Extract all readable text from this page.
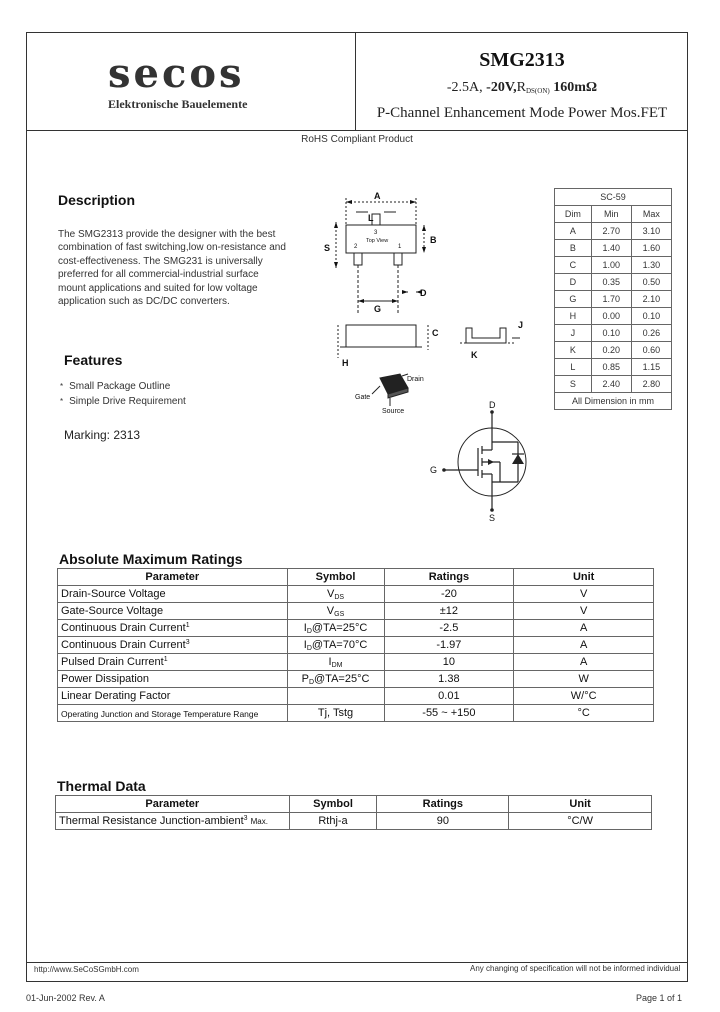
secos
Elektronische Bauelemente
SMG2313
-2.5A, $-20V,R_{DS(ON)}$ 160mΩ
P-Channel Enhancement Mode Power Mos.FET
RoHS Compliant Product
Description
The SMG2313 provide the designer with the best
combination of fast switching,low on-resistance and
cost-effectiveness. The SMG231 is universally
preferred for all commercial-industrial surface
mount applications and suited for low voltage
application such as DC/DC converters.
Features
* Small Package Outline
* Simple Drive Requirement
Marking: 2313
A
L
S
B
D
G
C
H
K
J
2	1
3
Top View
Drain
Gate
Source
SC-59		
Dim	Min	Max
A	2.70	3.10
B	1.40	1.60
C	1.00	1.30
D	0.35	0.50
G	1.70	2.10
H	0.00	0.10
J	0.10	0.26
K	0.20	0.60
L	0.85	1.15
S	2.40	2.80
All Dimension in mm		
D
G
S
Absolute Maximum Ratings
Parameter	Symbol	Ratings	Unit
Drain-Source Voltage	$V_{DS}$	-20	V
Gate-Source Voltage	$V_{GS}$	±12	V
Continuous Drain Current$^1$	$I_D@TA=25^\circ C$	-2.5	A
Continuous Drain Current$^3$	$I_D@TA=70^\circ C$	-1.97	A
Pulsed Drain Current$^1$	$I_{DM}$	10	A
Power Dissipation	$P_D@TA=25^\circ C$	1.38	W
Linear Derating Factor		0.01	W/°C
Operating Junction and Storage Temperature Range	Tj, Tstg	-55 ~ +150	°C
Thermal Data
Parameter	Symbol	Ratings	Unit
Thermal Resistance Junction-ambient$^3$ Max.	Rthj-a	90	°C/W
http://www.SeCoSGmbH.com	Any changing of specification will not be informed individual
01-Jun-2002 Rev. A	Page 1 of 1
